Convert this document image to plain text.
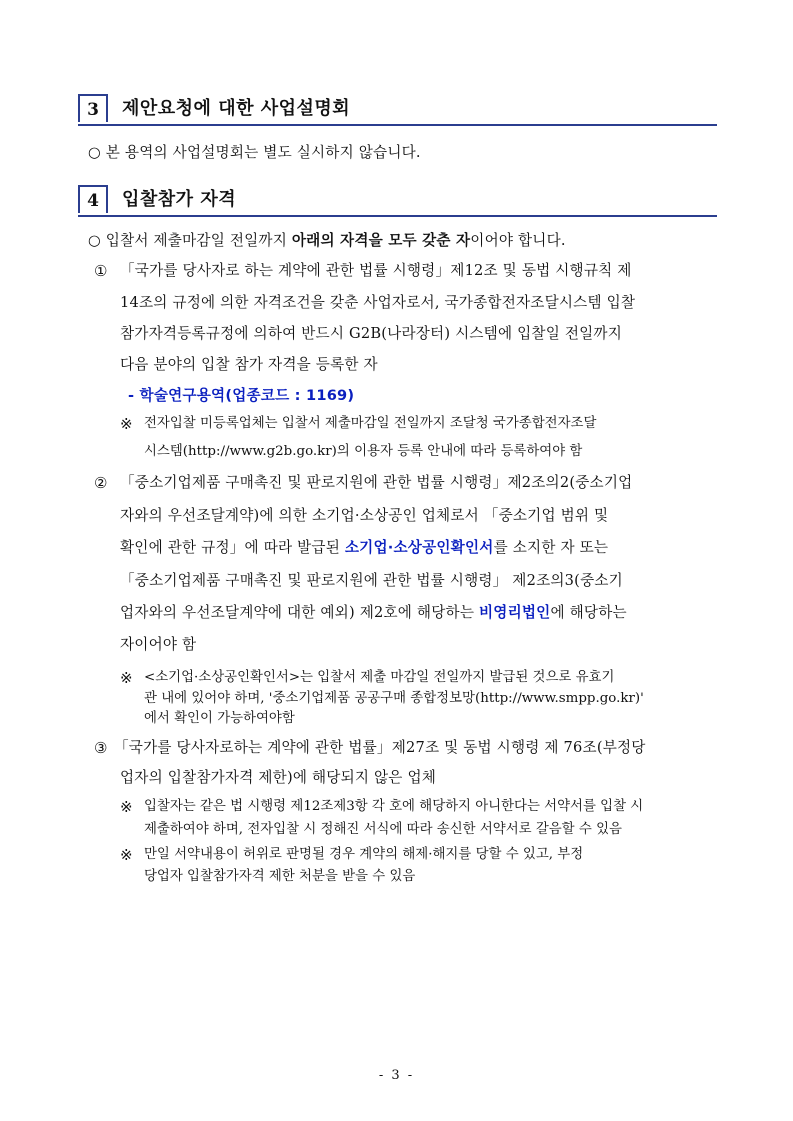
3	제안요청에 대한 사업설명회
○ 본 용역의 사업설명회는 별도 실시하지 않습니다.
4	입찰참가 자격
○ 입찰서 제출마감일 전일까지 아래의 자격을 모두 갖춘 자이어야 합니다.
① 「국가를 당사자로 하는 계약에 관한 법률 시행령」제12조 및 동법 시행규칙 제
14조의 규정에 의한 자격조건을 갖춘 사업자로서, 국가종합전자조달시스템 입찰
참가자격등록규정에 의하여 반드시 G2B(나라장터) 시스템에 입찰일 전일까지
다음 분야의 입찰 참가 자격을 등록한 자
- 학술연구용역(업종코드 : 1169)
※ 전자입찰 미등록업체는 입찰서 제출마감일 전일까지 조달청 국가종합전자조달
시스템(http://www.g2b.go.kr)의 이용자 등록 안내에 따라 등록하여야 함
② 「중소기업제품 구매촉진 및 판로지원에 관한 법률 시행령」제2조의2(중소기업
자와의 우선조달계약)에 의한 소기업·소상공인 업체로서 「중소기업 범위 및
확인에 관한 규정」에 따라 발급된 소기업·소상공인확인서를 소지한 자 또는
「중소기업제품 구매촉진 및 판로지원에 관한 법률 시행령」 제2조의3(중소기
업자와의 우선조달계약에 대한 예외) 제2호에 해당하는 비영리법인에 해당하는
자이어야 함
※ <소기업·소상공인확인서>는 입찰서 제출 마감일 전일까지 발급된 것으로 유효기
관 내에 있어야 하며, '중소기업제품 공공구매 종합정보망(http://www.smpp.go.kr)'
에서 확인이 가능하여야함
③ 「국가를 당사자로하는 계약에 관한 법률」제27조 및 동법 시행령 제 76조(부정당
업자의 입찰참가자격 제한)에 해당되지 않은 업체
※ 입찰자는 같은 법 시행령 제12조제3항 각 호에 해당하지 아니한다는 서약서를 입찰 시
제출하여야 하며, 전자입찰 시 정해진 서식에 따라 송신한 서약서로 갈음할 수 있음
※ 만일 서약내용이 허위로 판명될 경우 계약의 해제·해지를 당할 수 있고, 부정
당업자 입찰참가자격 제한 처분을 받을 수 있음
- 3 -
